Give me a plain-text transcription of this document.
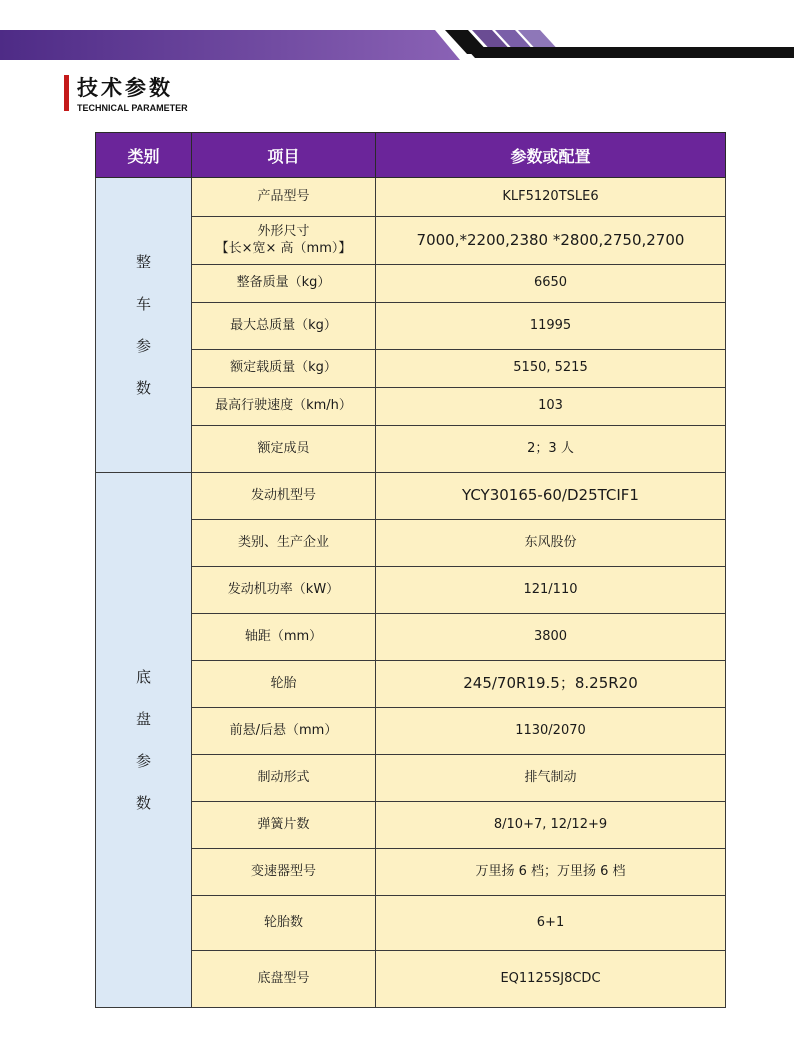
技术参数
TECHNICAL PARAMETER
类别	项目	参数或配置

整
车
参
数	产品型号	KLF5120TSLE6

	外形尺寸
【长×宽× 高（mm）】	7000,*2200,2380 *2800,2750,2700
	整备质量（kg）	6650
	最大总质量（kg）	11995
	额定载质量（kg）	5150, 5215
	最高行驶速度（km/h）	103
	额定成员	2；3 人

底
盘
参
数	发动机型号	YCY30165-60/D25TCIF1
	类别、生产企业	东风股份
	发动机功率（kW）	121/110
	轴距（mm）	3800
	轮胎	245/70R19.5；8.25R20
	前悬/后悬（mm）	1130/2070
	制动形式	排气制动
	弹簧片数	8/10+7, 12/12+9
	变速器型号	万里扬 6 档；万里扬 6 档
	轮胎数	6+1
	底盘型号	EQ1125SJ8CDC
